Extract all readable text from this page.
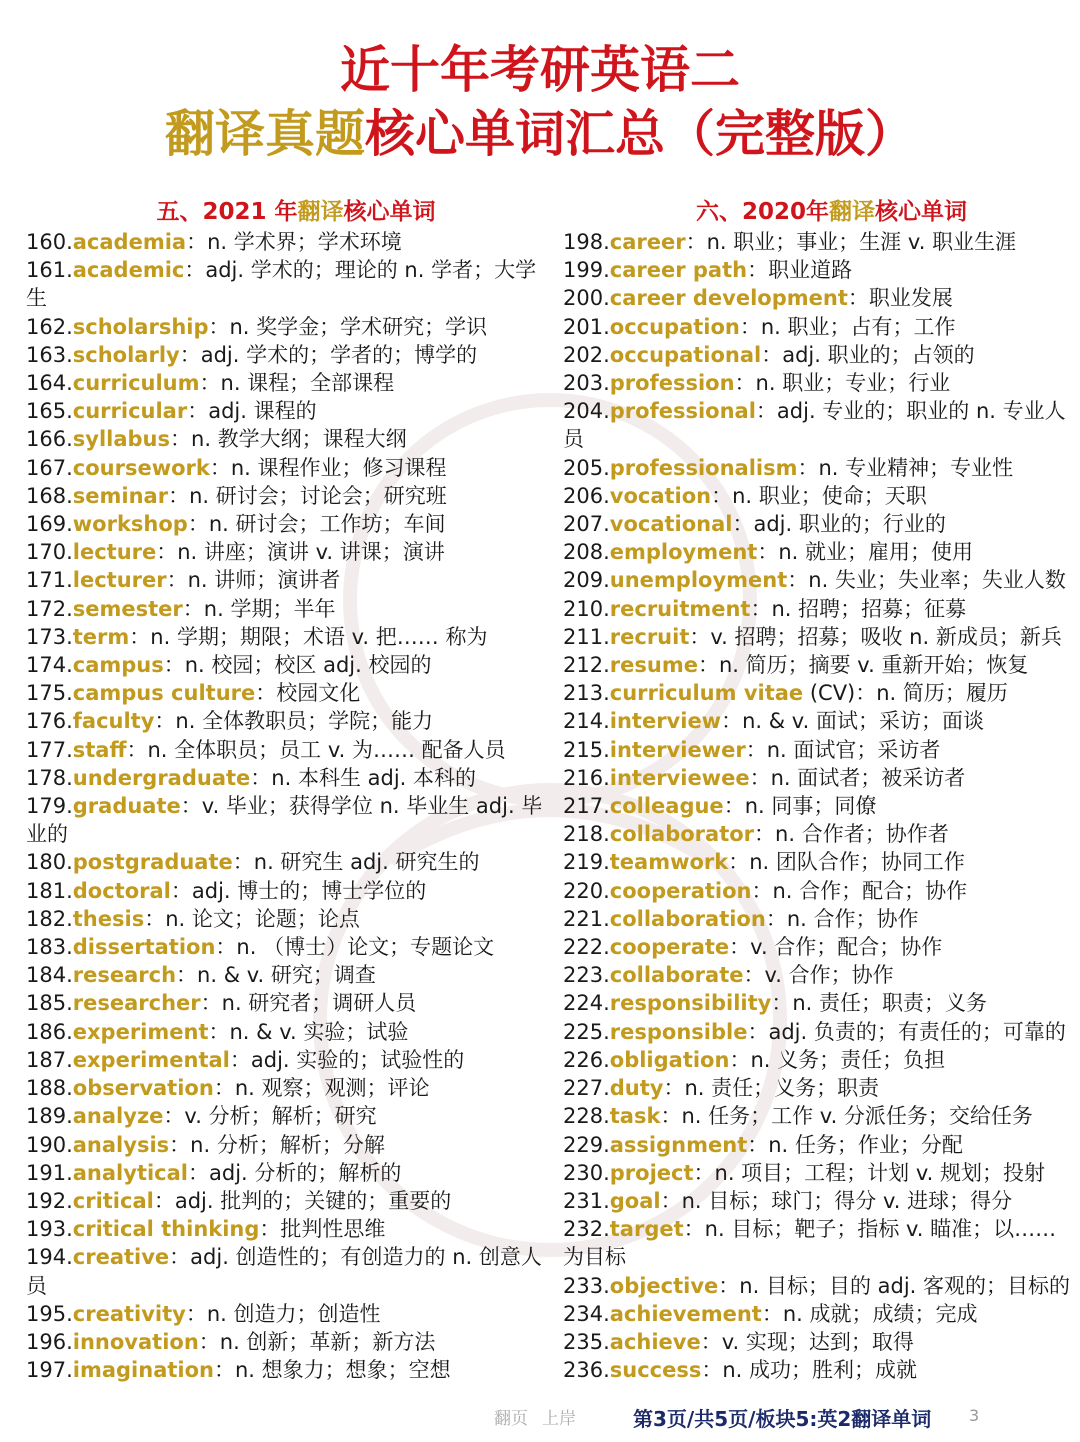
近十年考研英语二
翻译真题核心单词汇总（完整版）
五、2021 年翻译核心单词
160.academia：n. 学术界；学术环境
161.academic：adj. 学术的；理论的 n. 学者；大学生
162.scholarship：n. 奖学金；学术研究；学识
163.scholarly：adj. 学术的；学者的；博学的
164.curriculum：n. 课程；全部课程
165.curricular：adj. 课程的
166.syllabus：n. 教学大纲；课程大纲
167.coursework：n. 课程作业；修习课程
168.seminar：n. 研讨会；讨论会；研究班
169.workshop：n. 研讨会；工作坊；车间
170.lecture：n. 讲座；演讲 v. 讲课；演讲
171.lecturer：n. 讲师；演讲者
172.semester：n. 学期；半年
173.term：n. 学期；期限；术语 v. 把…… 称为
174.campus：n. 校园；校区 adj. 校园的
175.campus culture：校园文化
176.faculty：n. 全体教职员；学院；能力
177.staff：n. 全体职员；员工 v. 为…… 配备人员
178.undergraduate：n. 本科生 adj. 本科的
179.graduate：v. 毕业；获得学位 n. 毕业生 adj. 毕业的
180.postgraduate：n. 研究生 adj. 研究生的
181.doctoral：adj. 博士的；博士学位的
182.thesis：n. 论文；论题；论点
183.dissertation：n. （博士）论文；专题论文
184.research：n. & v. 研究；调查
185.researcher：n. 研究者；调研人员
186.experiment：n. & v. 实验；试验
187.experimental：adj. 实验的；试验性的
188.observation：n. 观察；观测；评论
189.analyze：v. 分析；解析；研究
190.analysis：n. 分析；解析；分解
191.analytical：adj. 分析的；解析的
192.critical：adj. 批判的；关键的；重要的
193.critical thinking：批判性思维
194.creative：adj. 创造性的；有创造力的 n. 创意人员
195.creativity：n. 创造力；创造性
196.innovation：n. 创新；革新；新方法
197.imagination：n. 想象力；想象；空想
六、2020年翻译核心单词
198.career：n. 职业；事业；生涯 v. 职业生涯
199.career path：职业道路
200.career development：职业发展
201.occupation：n. 职业；占有；工作
202.occupational：adj. 职业的；占领的
203.profession：n. 职业；专业；行业
204.professional：adj. 专业的；职业的 n. 专业人
员
205.professionalism：n. 专业精神；专业性
206.vocation：n. 职业；使命；天职
207.vocational：adj. 职业的；行业的
208.employment：n. 就业；雇用；使用
209.unemployment：n. 失业；失业率；失业人数
210.recruitment：n. 招聘；招募；征募
211.recruit：v. 招聘；招募；吸收 n. 新成员；新兵
212.resume：n. 简历；摘要 v. 重新开始；恢复
213.curriculum vitae (CV)：n. 简历；履历
214.interview：n. & v. 面试；采访；面谈
215.interviewer：n. 面试官；采访者
216.interviewee：n. 面试者；被采访者
217.colleague：n. 同事；同僚
218.collaborator：n. 合作者；协作者
219.teamwork：n. 团队合作；协同工作
220.cooperation：n. 合作；配合；协作
221.collaboration：n. 合作；协作
222.cooperate：v. 合作；配合；协作
223.collaborate：v. 合作；协作
224.responsibility：n. 责任；职责；义务
225.responsible：adj. 负责的；有责任的；可靠的
226.obligation：n. 义务；责任；负担
227.duty：n. 责任；义务；职责
228.task：n. 任务；工作 v. 分派任务；交给任务
229.assignment：n. 任务；作业；分配
230.project：n. 项目；工程；计划 v. 规划；投射
231.goal：n. 目标；球门；得分 v. 进球；得分
232.target：n. 目标；靶子；指标 v. 瞄准；以……
为目标
233.objective：n. 目标；目的 adj. 客观的；目标的
234.achievement：n. 成就；成绩；完成
235.achieve：v. 实现；达到；取得
236.success：n. 成功；胜利；成就
翻页 上岸	第3页/共5页/板块5:英2翻译单词 3
